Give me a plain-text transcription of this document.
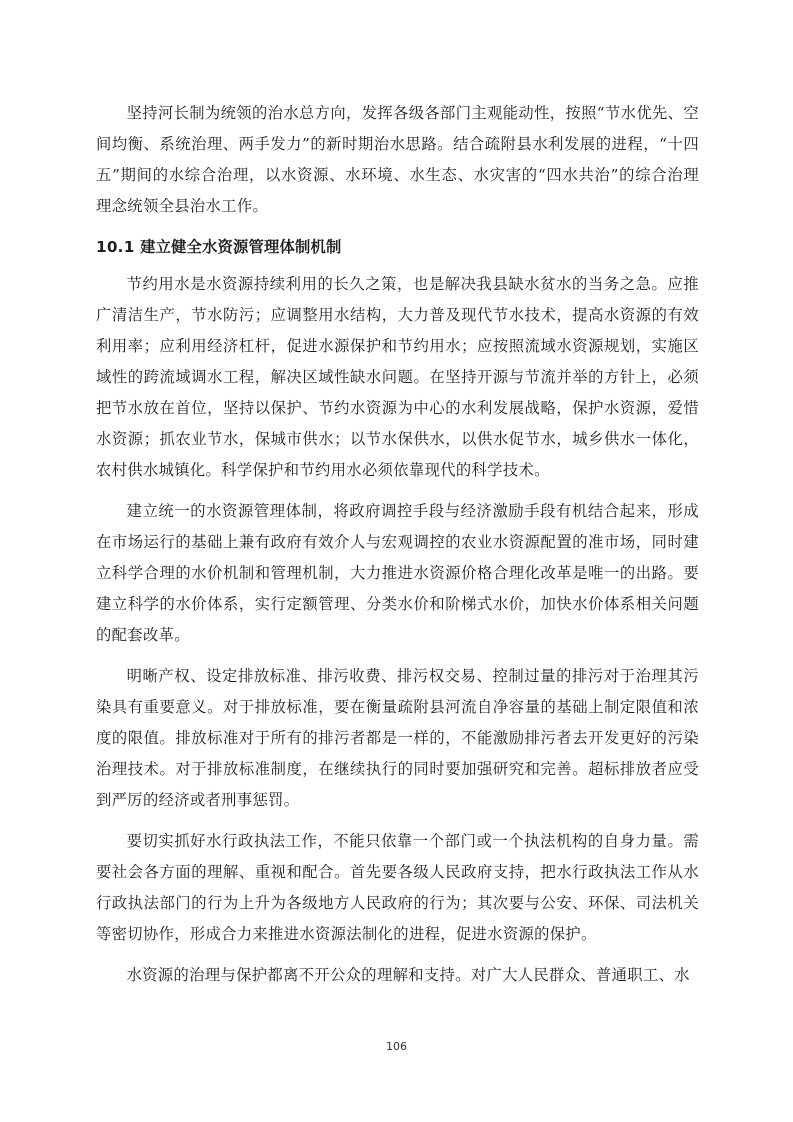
坚持河长制为统领的治水总方向，发挥各级各部门主观能动性，按照“节水优先、空间均衡、系统治理、两手发力”的新时期治水思路。结合疏附县水利发展的进程，“十四五”期间的水综合治理，以水资源、水环境、水生态、水灾害的“四水共治”的综合治理理念统领全县治水工作。

10.1 建立健全水资源管理体制机制

节约用水是水资源持续利用的长久之策，也是解决我县缺水贫水的当务之急。应推广清洁生产，节水防污；应调整用水结构，大力普及现代节水技术，提高水资源的有效利用率；应利用经济杠杆，促进水源保护和节约用水；应按照流域水资源规划，实施区域性的跨流域调水工程，解决区域性缺水问题。在坚持开源与节流并举的方针上，必须把节水放在首位，坚持以保护、节约水资源为中心的水利发展战略，保护水资源，爱惜水资源；抓农业节水，保城市供水；以节水保供水，以供水促节水，城乡供水一体化，农村供水城镇化。科学保护和节约用水必须依靠现代的科学技术。

建立统一的水资源管理体制，将政府调控手段与经济激励手段有机结合起来，形成在市场运行的基础上兼有政府有效介人与宏观调控的农业水资源配置的准市场，同时建立科学合理的水价机制和管理机制，大力推进水资源价格合理化改革是唯一的出路。要建立科学的水价体系，实行定额管理、分类水价和阶梯式水价，加快水价体系相关问题的配套改革。

明晰产权、设定排放标准、排污收费、排污权交易、控制过量的排污对于治理其污染具有重要意义。对于排放标准，要在衡量疏附县河流自净容量的基础上制定限值和浓度的限值。排放标准对于所有的排污者都是一样的，不能激励排污者去开发更好的污染治理技术。对于排放标准制度，在继续执行的同时要加强研究和完善。超标排放者应受到严厉的经济或者刑事惩罚。

要切实抓好水行政执法工作，不能只依靠一个部门或一个执法机构的自身力量。需要社会各方面的理解、重视和配合。首先要各级人民政府支持，把水行政执法工作从水行政执法部门的行为上升为各级地方人民政府的行为；其次要与公安、环保、司法机关等密切协作，形成合力来推进水资源法制化的进程，促进水资源的保护。

水资源的治理与保护都离不开公众的理解和支持。对广大人民群众、普通职工、水

106
